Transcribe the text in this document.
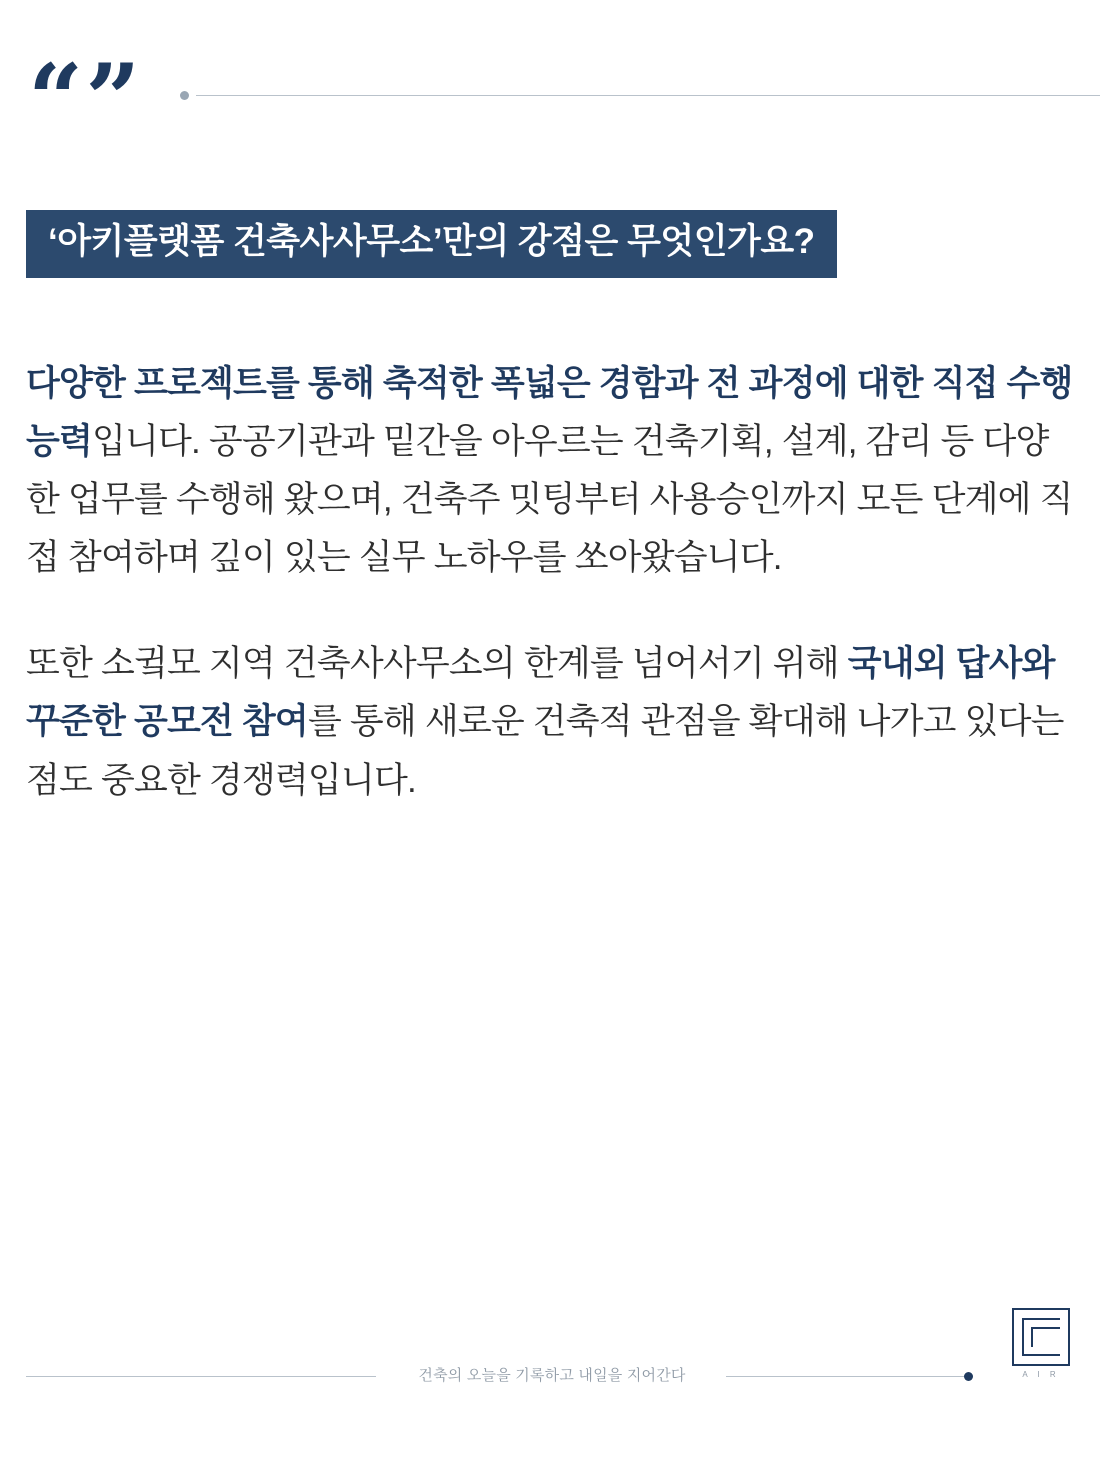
“”
‘아키플랫폼 건축사사무소’만의 강점은 무엇인가요?

다양한 프로젝트를 통해 축적한 폭넓은 경함과 전 과정에 대한 직접 수행 능력입니다. 공공기관과 밑간을 아우르는 건축기획, 설계, 감리 등 다양한 업무를 수행해 왔으며, 건축주 밋팅부터 사용승인까지 모든 단계에 직접 참여하며 깊이 있는 실무 노하우를 쏘아왔습니다.

또한 소귘모 지역 건축사사무소의 한계를 넘어서기 위해 국내외 답사와 꾸준한 공모전 참여를 통해 새로운 건축적 관점을 확대해 나가고 있다는 점도 중요한 경쟁력입니다.

건축의 오늘을 기록하고 내일을 지어간다	A I R
